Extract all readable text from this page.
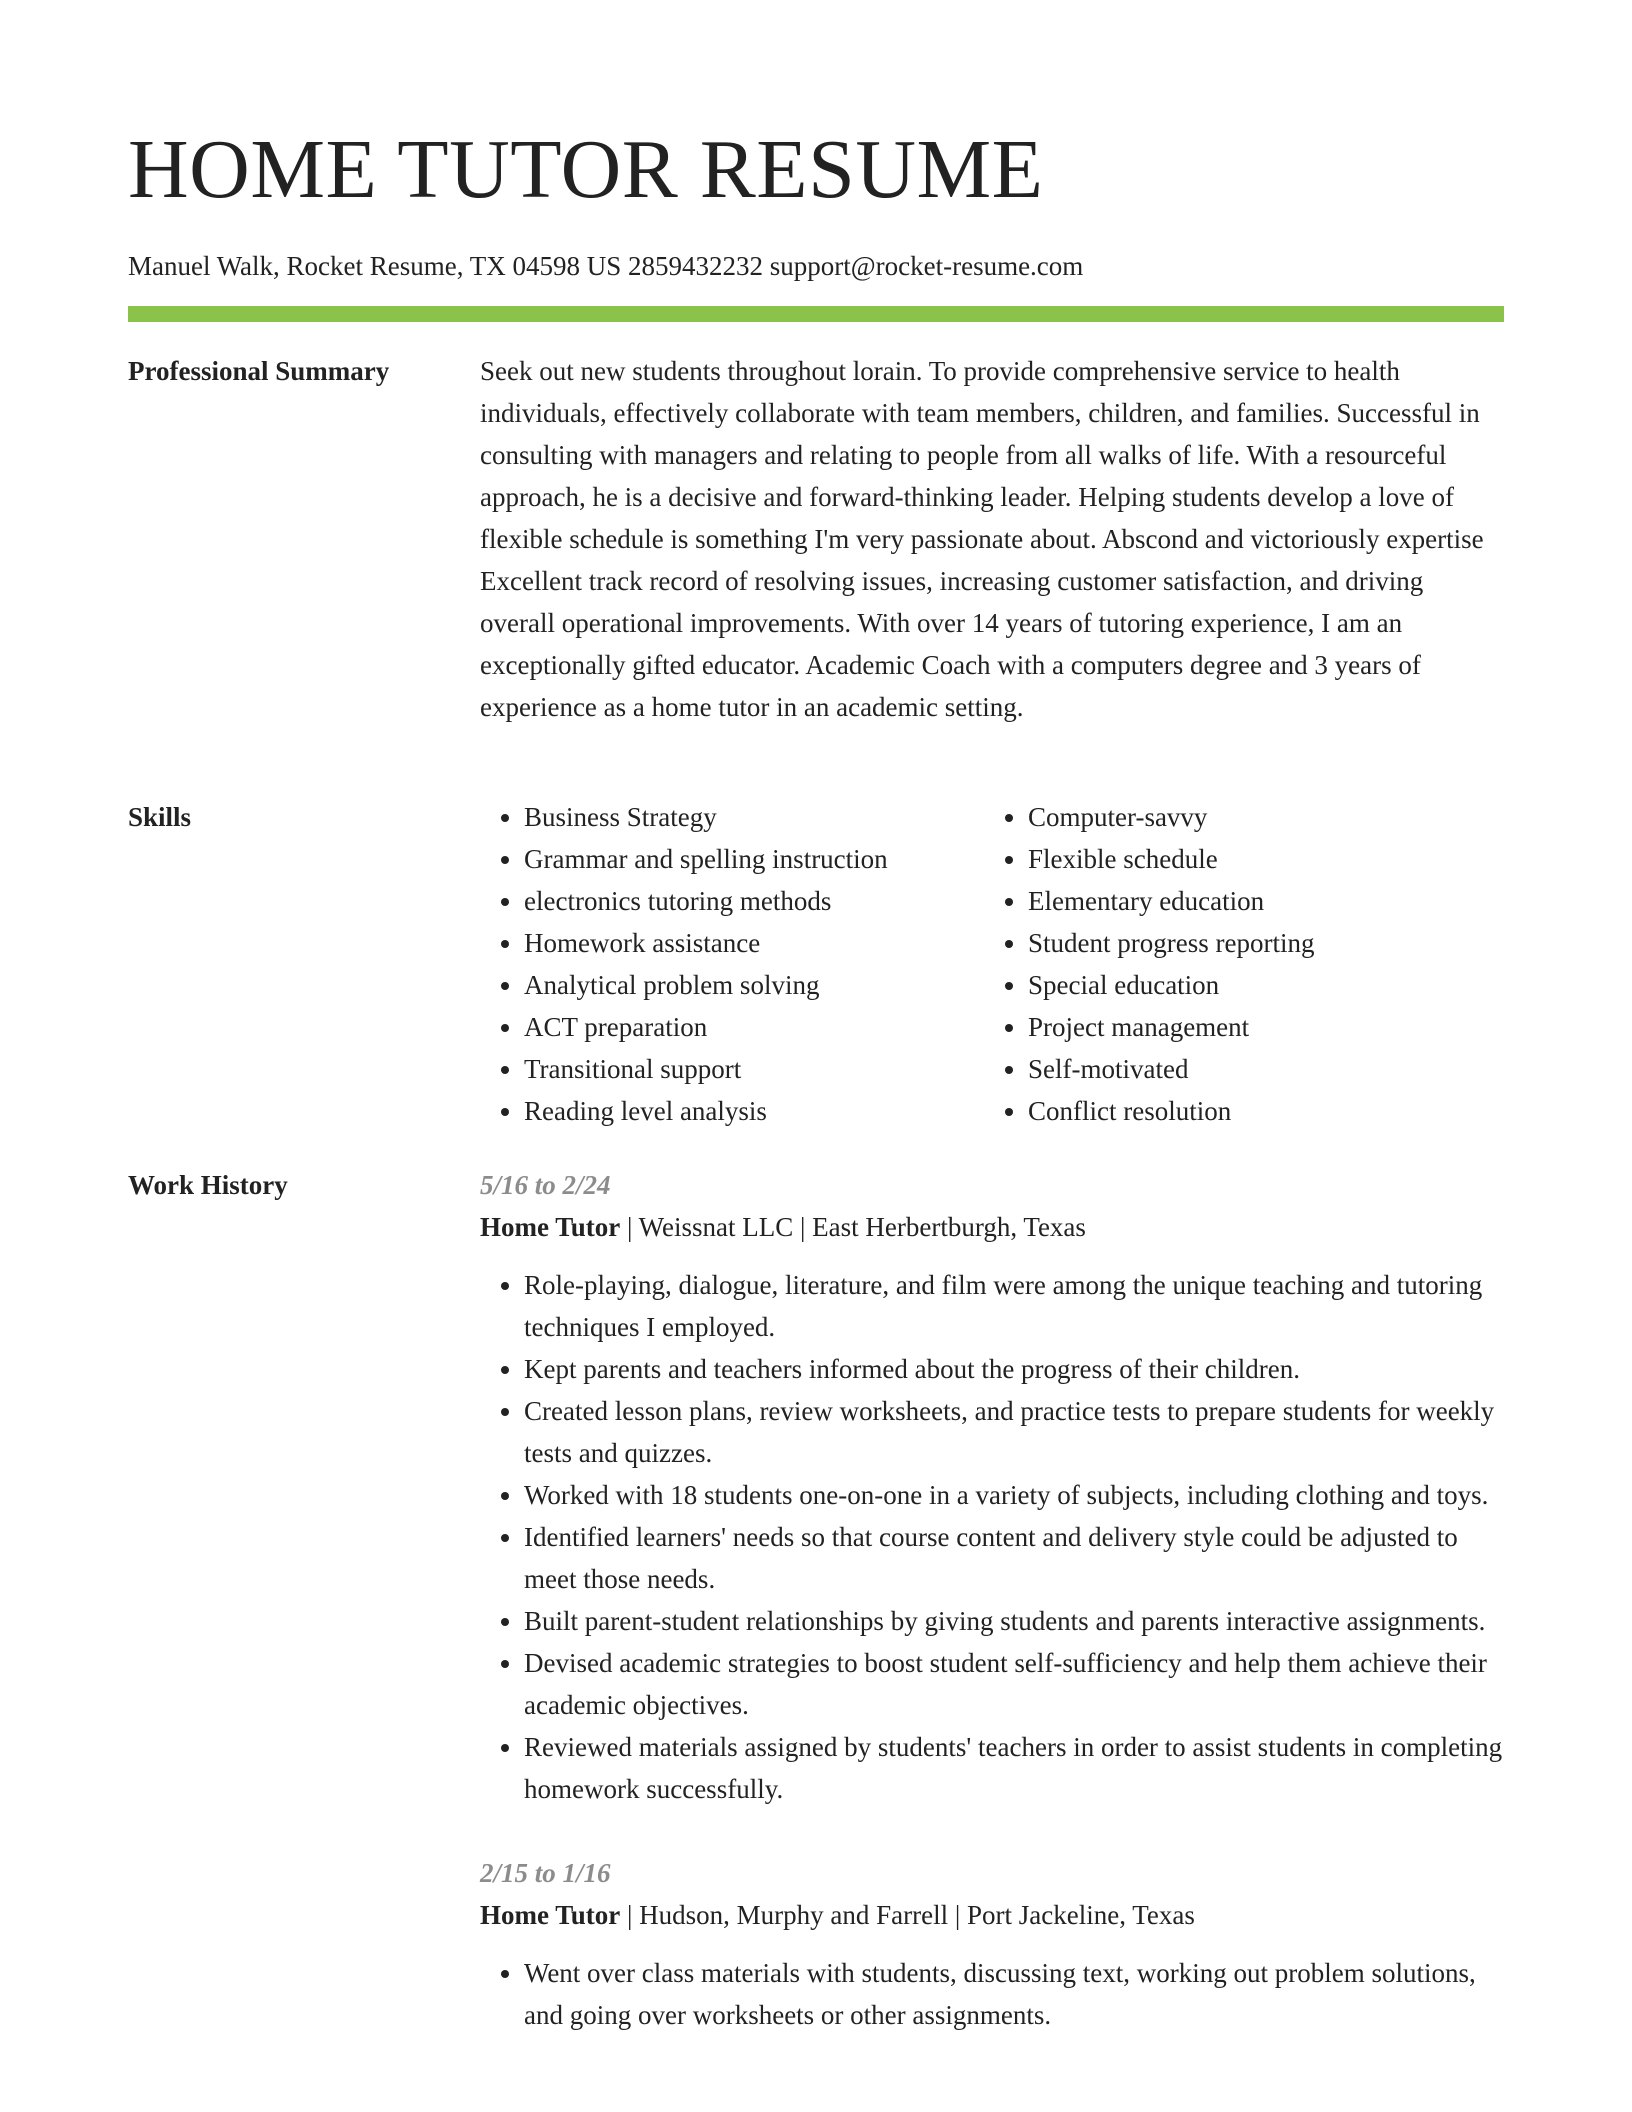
HOME TUTOR RESUME
Manuel Walk, Rocket Resume, TX 04598 US 2859432232 support@rocket-resume.com
Professional Summary	Seek out new students throughout lorain. To provide comprehensive service to health individuals, effectively collaborate with team members, children, and families. Successful in consulting with managers and relating to people from all walks of life. With a resourceful approach, he is a decisive and forward-thinking leader. Helping students develop a love of flexible schedule is something I'm very passionate about. Abscond and victoriously expertise Excellent track record of resolving issues, increasing customer satisfaction, and driving overall operational improvements. With over 14 years of tutoring experience, I am an exceptionally gifted educator. Academic Coach with a computers degree and 3 years of experience as a home tutor in an academic setting.

Skills
•	Business Strategy
• Grammar and spelling instruction
• electronics tutoring methods
• Homework assistance
• Analytical problem solving
• ACT preparation
• Transitional support
• Reading level analysis
• Computer-savvy
• Flexible schedule
• Elementary education
• Student progress reporting
• Special education
• Project management
• Self-motivated
• Conflict resolution
Work History	5/16 to 2/24
Home Tutor | Weissnat LLC | East Herbertburgh, Texas
• Role-playing, dialogue, literature, and film were among the unique teaching and tutoring techniques I employed.
• Kept parents and teachers informed about the progress of their children.
• Created lesson plans, review worksheets, and practice tests to prepare students for weekly tests and quizzes.
• Worked with 18 students one-on-one in a variety of subjects, including clothing and toys.
• Identified learners' needs so that course content and delivery style could be adjusted to meet those needs.
• Built parent-student relationships by giving students and parents interactive assignments.
• Devised academic strategies to boost student self-sufficiency and help them achieve their academic objectives.
• Reviewed materials assigned by students' teachers in order to assist students in completing homework successfully.
2/15 to 1/16
Home Tutor | Hudson, Murphy and Farrell | Port Jackeline, Texas
• Went over class materials with students, discussing text, working out problem solutions, and going over worksheets or other assignments.
